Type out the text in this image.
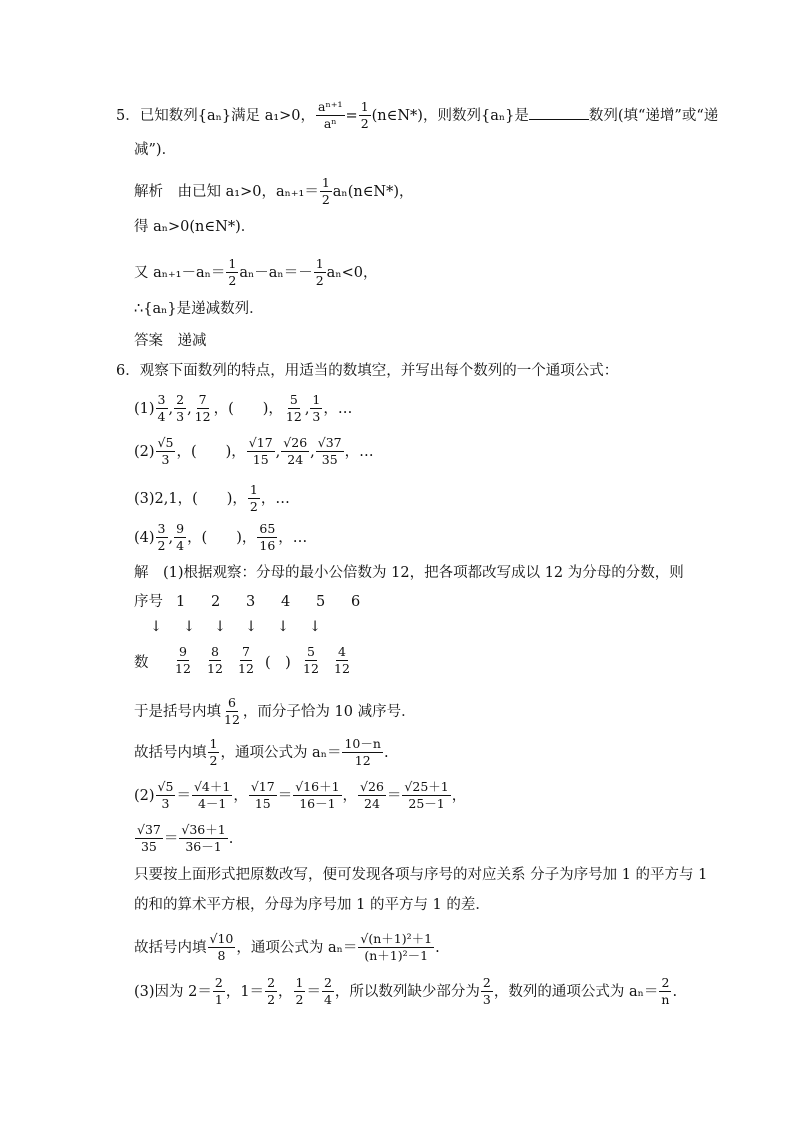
5．已知数列{aₙ}满足 a₁>0， $\frac{\text{aⁿ⁺¹}}{\text{aⁿ}} = \frac{1}{2}$ (n∈N*)，则数列{aₙ}是	数列(填“递增”或“递
减”)．
解析　 由已知 a₁>0，$a_{n+1}= \frac{1}{2}$ aₙ(n∈N*)，
得 aₙ>0(n∈N*)．
又 $a_{n+1}-a_n= \frac{1}{2} a_n-a_n=- \frac{1}{2} a_n<0$，
∴{aₙ}是递减数列．
答案　递减
6．观察下面数列的特点，用适当的数填空，并写出每个数列的一个通项公式：
$(1) \frac{3}{4}$ , $\frac{2}{3}$ , $\frac{7}{12}$ ，(　　)， $\frac{5}{12}$ , $\frac{1}{3}$ ，…
$(2) \frac{√5}{3}$ ，(　　)， $\frac{√17}{15}$ , $\frac{√26}{24}$ , $\frac{√37}{35}$ ，…
(3)2,1，(　　)， $\frac{1}{2}$ ，…
$(4) \frac{3}{2}$ , $\frac{9}{4}$ ，(　　)， $\frac{65}{16}$ ，…
解　(1)根据观察：分母的最小公倍数为 12，把各项都改写成以 12 为分母的分数，则
序号 1 2 3 4 5 6
↓ ↓ ↓ ↓ ↓ ↓
数 $\frac{9}{12} \frac{8}{12} \frac{7}{12}$ (　) $\frac{5}{12} \frac{4}{12}$
于是括号内填 $\frac{6}{12}$ ，而分子恰为 10 减序号．
故括号内填 $\frac{1}{2}$ ，通项公式为 $a_n= \frac{10-n}{12}$ .
$(2) \frac{√5}{3} = \frac{√4+1}{4-1}$ ， $\frac{√17}{15} = \frac{√16+1}{16-1}$ ， $\frac{√26}{24} = \frac{√25+1}{25-1}$ ，
$\frac{√37}{35} = \frac{√36+1}{36-1}$ .
只要按上面形式把原数改写，便可发现各项与序号的对应关系 分子为序号加 1 的平方与 1
的和的算术平方根，分母为序号加 1 的平方与 1 的差．
故括号内填 $\frac{√10}{8}$ ，通项公式为 $a_n= \frac{\text{√(n＋1)²＋1}}{\text{(n＋1)²－1}}$ .
(3)因为 $2= \frac{2}{1}$ ，$1= \frac{2}{2}$ ， $\frac{1}{2} = \frac{2}{4}$ ，所以数列缺少部分为 $\frac{2}{3}$ ，数列的通项公式为 $a_n= \frac{2}{n}$ .
